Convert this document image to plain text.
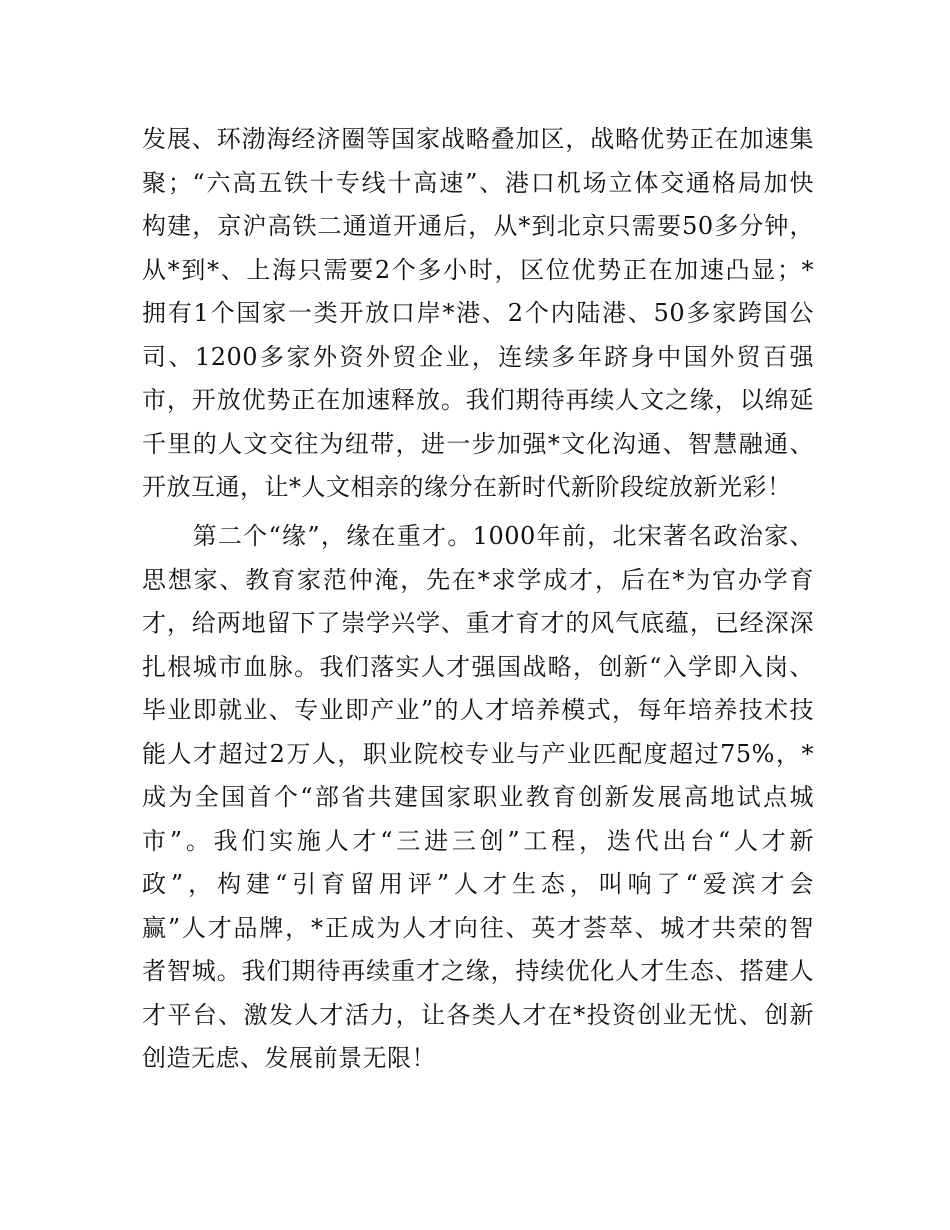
发展、环渤海经济圈等国家战略叠加区，战略优势正在加速集
聚；“六高五铁十专线十高速”、港口机场立体交通格局加快
构建，京沪高铁二通道开通后，从*到北京只需要50多分钟，
从*到*、上海只需要2个多小时，区位优势正在加速凸显；*
拥有1个国家一类开放口岸*港、2个内陆港、50多家跨国公
司、1200多家外资外贸企业，连续多年跻身中国外贸百强
市，开放优势正在加速释放。我们期待再续人文之缘，以绵延
千里的人文交往为纽带，进一步加强*文化沟通、智慧融通、
开放互通，让*人文相亲的缘分在新时代新阶段绽放新光彩！
　　第二个“缘”，缘在重才。1000年前，北宋著名政治家、
思想家、教育家范仲淹，先在*求学成才，后在*为官办学育
才，给两地留下了崇学兴学、重才育才的风气底蕴，已经深深
扎根城市血脉。我们落实人才强国战略，创新“入学即入岗、
毕业即就业、专业即产业”的人才培养模式，每年培养技术技
能人才超过2万人，职业院校专业与产业匹配度超过75%，*
成为全国首个“部省共建国家职业教育创新发展高地试点城
市”。我们实施人才“三进三创”工程，迭代出台“人才新
政”，构建“引育留用评”人才生态，叫响了“爱滨才会
赢”人才品牌，*正成为人才向往、英才荟萃、城才共荣的智
者智城。我们期待再续重才之缘，持续优化人才生态、搭建人
才平台、激发人才活力，让各类人才在*投资创业无忧、创新
创造无虑、发展前景无限！
